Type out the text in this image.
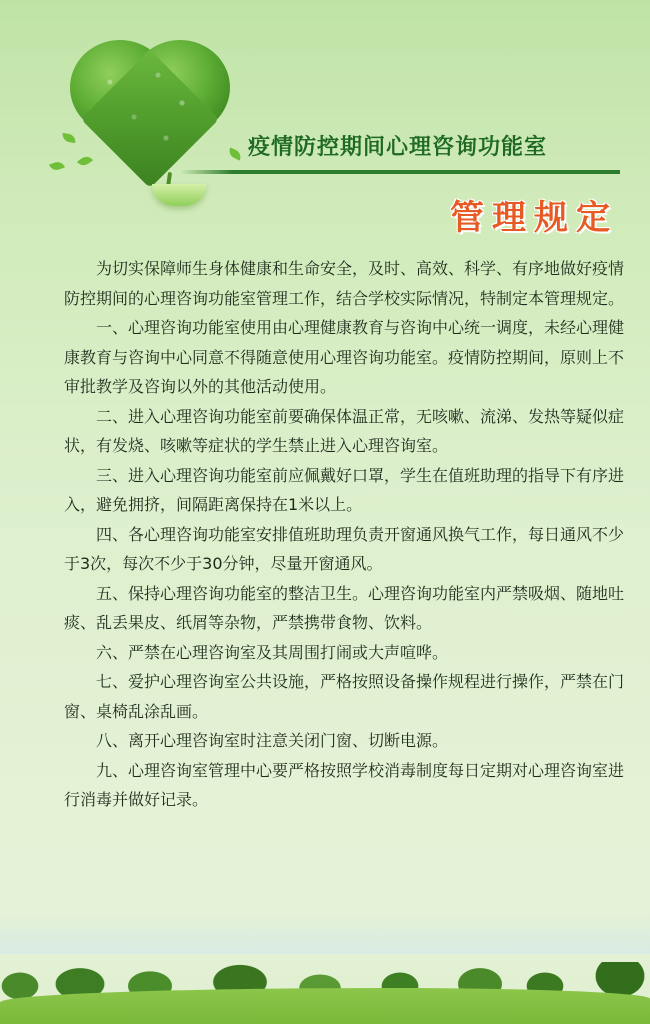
疫情防控期间心理咨询功能室
管理规定

为切实保障师生身体健康和生命安全，及时、高效、科学、有序地做好疫情防控期间的心理咨询功能室管理工作，结合学校实际情况，特制定本管理规定。

一、心理咨询功能室使用由心理健康教育与咨询中心统一调度，未经心理健康教育与咨询中心同意不得随意使用心理咨询功能室。疫情防控期间，原则上不审批教学及咨询以外的其他活动使用。

二、进入心理咨询功能室前要确保体温正常，无咳嗽、流涕、发热等疑似症状，有发烧、咳嗽等症状的学生禁止进入心理咨询室。

三、进入心理咨询功能室前应佩戴好口罩，学生在值班助理的指导下有序进入，避免拥挤，间隔距离保持在1米以上。

四、各心理咨询功能室安排值班助理负责开窗通风换气工作，每日通风不少于3次，每次不少于30分钟，尽量开窗通风。

五、保持心理咨询功能室的整洁卫生。心理咨询功能室内严禁吸烟、随地吐痰、乱丢果皮、纸屑等杂物，严禁携带食物、饮料。

六、严禁在心理咨询室及其周围打闹或大声喧哗。

七、爱护心理咨询室公共设施，严格按照设备操作规程进行操作，严禁在门窗、桌椅乱涂乱画。

八、离开心理咨询室时注意关闭门窗、切断电源。

九、心理咨询室管理中心要严格按照学校消毒制度每日定期对心理咨询室进行消毒并做好记录。
